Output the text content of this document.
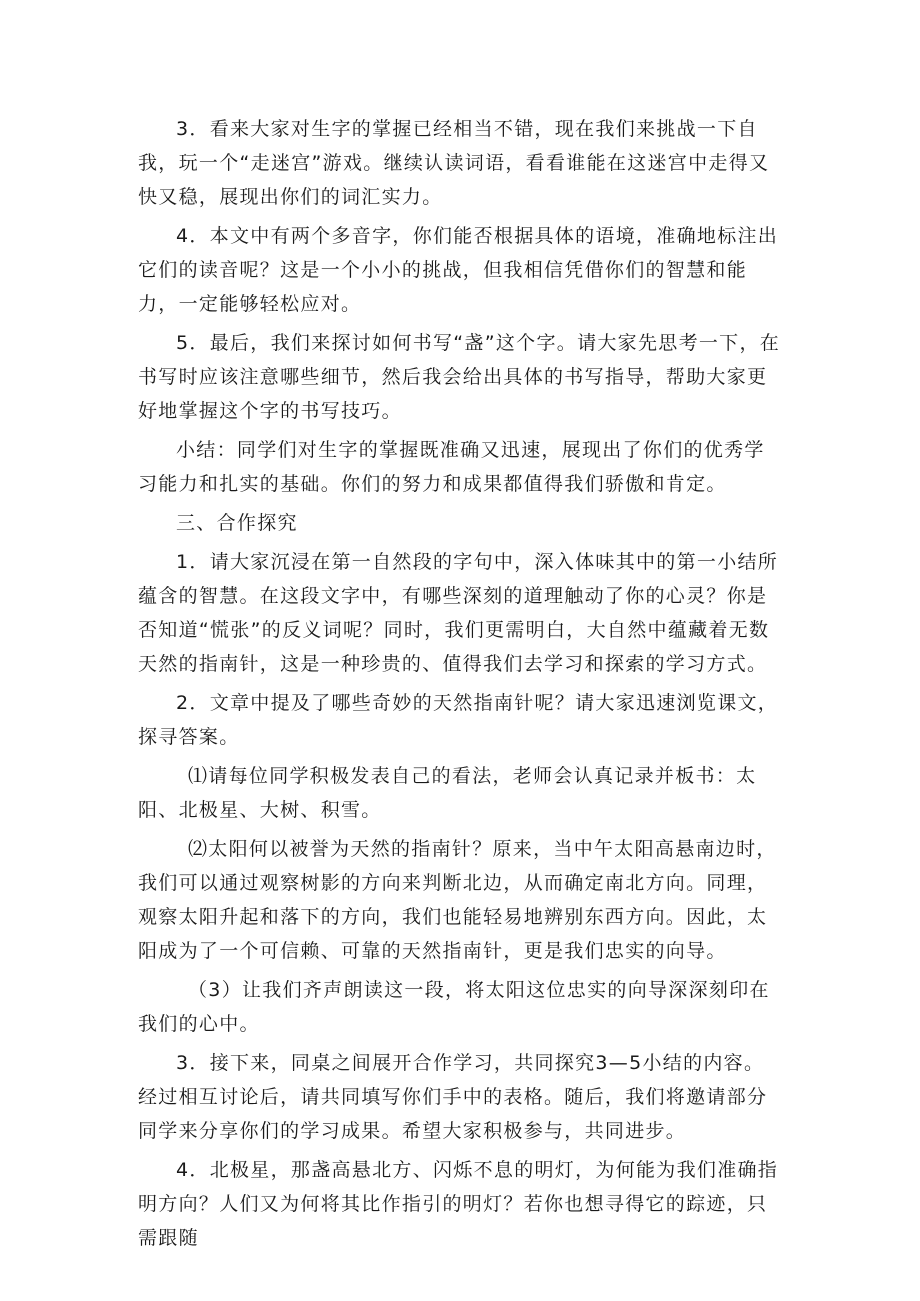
3．看来大家对生字的掌握已经相当不错，现在我们来挑战一下自我，玩一个“走迷宫”游戏。继续认读词语，看看谁能在这迷宫中走得又快又稳，展现出你们的词汇实力。

4．本文中有两个多音字，你们能否根据具体的语境，准确地标注出它们的读音呢？这是一个小小的挑战，但我相信凭借你们的智慧和能力，一定能够轻松应对。

5．最后，我们来探讨如何书写“盏”这个字。请大家先思考一下，在书写时应该注意哪些细节，然后我会给出具体的书写指导，帮助大家更好地掌握这个字的书写技巧。

小结：同学们对生字的掌握既准确又迅速，展现出了你们的优秀学习能力和扎实的基础。你们的努力和成果都值得我们骄傲和肯定。

三、合作探究

1．请大家沉浸在第一自然段的字句中，深入体味其中的第一小结所蕴含的智慧。在这段文字中，有哪些深刻的道理触动了你的心灵？你是否知道“慌张”的反义词呢？同时，我们更需明白，大自然中蕴藏着无数天然的指南针，这是一种珍贵的、值得我们去学习和探索的学习方式。

2．文章中提及了哪些奇妙的天然指南针呢？请大家迅速浏览课文，探寻答案。

⑴请每位同学积极发表自己的看法，老师会认真记录并板书：太阳、北极星、大树、积雪。

⑵太阳何以被誉为天然的指南针？原来，当中午太阳高悬南边时，我们可以通过观察树影的方向来判断北边，从而确定南北方向。同理，观察太阳升起和落下的方向，我们也能轻易地辨别东西方向。因此，太阳成为了一个可信赖、可靠的天然指南针，更是我们忠实的向导。

（3）让我们齐声朗读这一段，将太阳这位忠实的向导深深刻印在我们的心中。

3．接下来，同桌之间展开合作学习，共同探究3—5小结的内容。经过相互讨论后，请共同填写你们手中的表格。随后，我们将邀请部分同学来分享你们的学习成果。希望大家积极参与，共同进步。

4．北极星，那盏高悬北方、闪烁不息的明灯，为何能为我们准确指明方向？人们又为何将其比作指引的明灯？若你也想寻得它的踪迹，只需跟随
